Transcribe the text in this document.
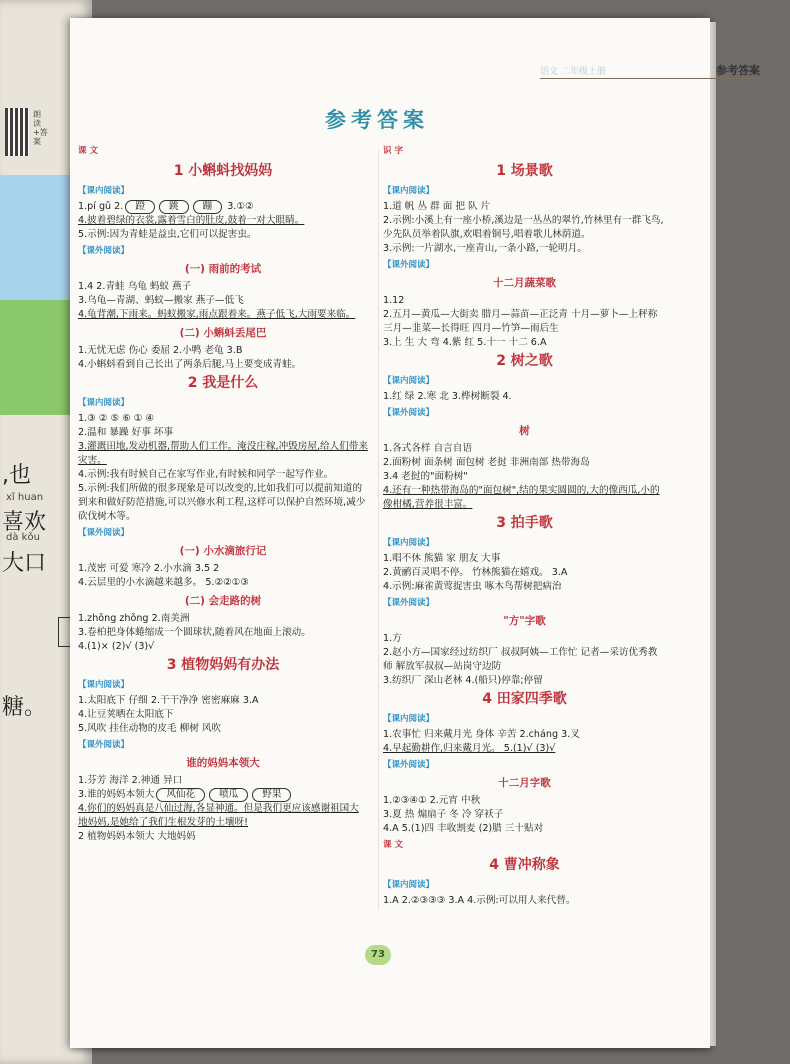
朗读+答案
,也
xǐ huan
喜欢
dà kǒu
大口
糖。
语文 二年级上册	参考答案
参考答案
课 文
1 小蝌蚪找妈妈
【课内阅读】
1.pí gǔ 2. 蹬	跳	蹦 3.①②
4.披着碧绿的衣裳,露着雪白的肚皮,鼓着一对大眼睛。
5.示例:因为青蛙是益虫,它们可以捉害虫。
【课外阅读】
(一) 雨前的考试
1.4 2.青蛙 乌龟 蚂蚁 燕子
3.乌龟—青湖、蚂蚁—搬家 燕子—低飞
4.龟背潮,下雨来。蚂蚁搬家,雨点跟着来。燕子低飞,大雨要来临。
(二) 小蝌蚪丢尾巴
1.无忧无虑 伤心 委屈 2.小鸭 老龟 3.B
4.小蝌蚪看到自己长出了两条后腿,马上要变成青蛙。
2 我是什么
【课内阅读】
1.③ ② ⑤ ⑥ ① ④
2.温和 暴躁 好事 坏事
3.灌溉田地,发动机器,帮助人们工作。淹没庄稼,冲毁房屋,给人们带来灾害。
4.示例:我有时候自己在家写作业,有时候和同学一起写作业。
5.示例:我们所做的很多现象是可以改变的,比如我们可以提前知道的到来和做好防范措施,可以兴修水利工程,这样可以保护自然环境,减少砍伐树木等。
【课外阅读】
(一) 小水滴旅行记
1.茂密 可爱 寒冷 2.小水滴 3.5 2
4.云层里的小水滴越来越多。 5.②②①③
(二) 会走路的树
1.zhǒng zhǒng 2.南美洲
3.卷柏把身体蜷缩成一个圆球状,随着风在地面上滚动。
4.(1)× (2)√ (3)√
3 植物妈妈有办法
【课内阅读】
1.太阳底下 仔细 2.干干净净 密密麻麻 3.A
4.让豆荚晒在太阳底下
5.风吹 挂住动物的皮毛 柳树 风吹
【课外阅读】
谁的妈妈本领大
1.芬芳 海洋 2.神通 异口
3.谁的妈妈本领大 风仙花	喷瓜	野果
4.你们的妈妈真是八仙过海,各显神通。但是我们更应该感谢祖国大地妈妈,是她给了我们生根发芽的土壤呀!
2 植物妈妈本领大 大地妈妈
识 字
1 场景歌
【课内阅读】
1.道 帆 丛 群 面 把 队 片
2.示例:小溪上有一座小桥,溪边是一丛丛的翠竹,竹林里有一群飞鸟,少先队员举着队旗,欢唱着铜号,唱着歌儿林荫道。
3.示例:一片湖水,一座青山,一条小路,一轮明月。
【课外阅读】
十二月蔬菜歌
1.12
2.五月—黄瓜—大街卖 腊月—蒜苗—正泛青 十月—萝卜—上秤称 三月—韭菜—长得旺 四月—竹笋—雨后生
3.上 生 大 弯 4.紫 红 5.十一 十二 6.A
2 树之歌
【课内阅读】
1.红 绿 2.寒 北 3.桦树断裂 4.
【课外阅读】
树
1.各式各样 自言自语
2.面粉树 面条树 面包树 老挝 非洲南部 热带海岛
3.4 老挝的"面粉树"
4.还有一种热带海岛的"面包树",结的果实圆圆的,大的像西瓜,小的像柑橘,营养很丰富。
3 拍手歌
【课内阅读】
1.唱不休 熊猫 家 朋友 大事
2.黄鹂百灵唱不停。 竹林熊猫在嬉戏。 3.A
4.示例:麻雀黄莺捉害虫 啄木鸟帮树把病治
【课外阅读】
"方"字歌
1.方
2.赵小方—国家经过纺织厂 叔叔阿姨—工作忙 记者—采访优秀教师 解放军叔叔—站岗守边防
3.纺织厂 深山老林 4.(船只)停靠;停留
4 田家四季歌
【课内阅读】
1.农事忙 归来戴月光 身体 辛苦 2.cháng 3.叉
4.早起勤耕作,归来戴月光。 5.(1)√ (3)√
【课外阅读】
十二月字歌
1.②③④① 2.元宵 中秋
3.夏 热 煽扇子 冬 冷 穿袄子
4.A 5.(1)四 丰收割麦 (2)腊 三十贴对
课 文
4 曹冲称象
【课内阅读】
1.A 2.②③③③ 3.A 4.示例:可以用人来代替。
73
